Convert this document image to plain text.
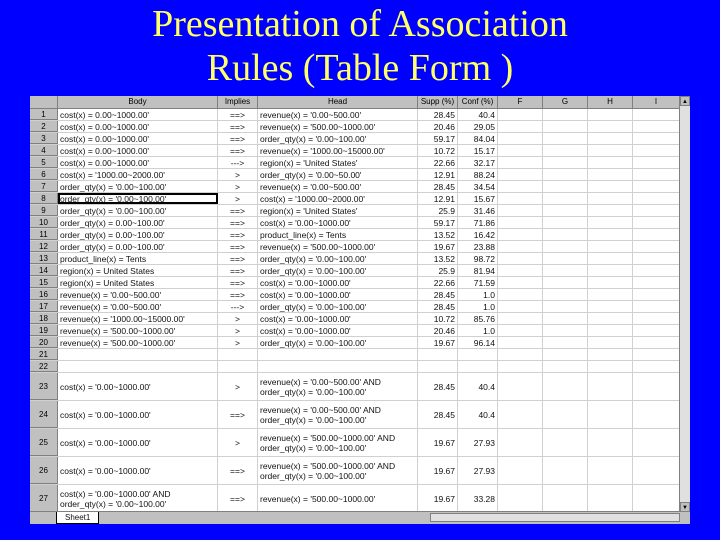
Presentation of Association
Rules (Table Form )
Body	Implies	Head	Supp (%) Conf (%)	F	G	H	I
1	cost(x) = 0.00~1000.00'	==>	revenue(x) = '0.00~500.00'	28.45	40.4
2	cost(x) = 0.00~1000.00'	==>	revenue(x) = '500.00~1000.00'	20.46	29.05
3	cost(x) = 0.00~1000.00'	==>	order_qty(x) = '0.00~100.00'	59.17	84.04
4	cost(x) = 0.00~1000.00'	==>	revenue(x) = '1000.00~15000.00'	10.72	15.17
5	cost(x) = 0.00~1000.00'	--->	region(x) = 'United States'	22.66	32.17
6	cost(x) = '1000.00~2000.00'	>	order_qty(x) = '0.00~50.00'	12.91	88.24
7	order_qty(x) = '0.00~100.00'	>	revenue(x) = '0.00~500.00'	28.45	34.54
8	order_qty(x) = '0.00~100.00'	>	cost(x) = '1000.00~2000.00'	12.91	15.67
9	order_qty(x) = '0.00~100.00'	==>	region(x) = 'United States'	25.9	31.46
10	order_qty(x) = 0.00~100.00'	==>	cost(x) = '0.00~1000.00'	59.17	71.86
11	order_qty(x) = 0.00~100.00'	==>	product_line(x) = Tents	13.52	16.42
12	order_qty(x) = 0.00~100.00'	==>	revenue(x) = '500.00~1000.00'	19.67	23.88
13	product_line(x) = Tents	==>	order_qty(x) = '0.00~100.00'	13.52	98.72
14	region(x) = United States	==>	order_qty(x) = '0.00~100.00'	25.9	81.94
15	region(x) = United States	==>	cost(x) = '0.00~1000.00'	22.66	71.59
16	revenue(x) = '0.00~500.00'	==>	cost(x) = '0.00~1000.00'	28.45	1.0
17	revenue(x) = '0.00~500.00'	--->	order_qty(x) = '0.00~100.00'	28.45	1.0
18	revenue(x) = '1000.00~15000.00'	>	cost(x) = '0.00~1000.00'	10.72	85.76
19	revenue(x) = '500.00~1000.00'	>	cost(x) = '0.00~1000.00'	20.46	1.0
20	revenue(x) = '500.00~1000.00'	>	order_qty(x) = '0.00~100.00'	19.67	96.14
21
22
23	cost(x) = '0.00~1000.00'	>	revenue(x) = '0.00~500.00' AND
order_qty(x) = '0.00~100.00'	28.45	40.4
24	cost(x) = '0.00~1000.00'	==>	revenue(x) = '0.00~500.00' AND
order_qty(x) = '0.00~100.00'	28.45	40.4
25	cost(x) = '0.00~1000.00'	>	revenue(x) = '500.00~1000.00' AND
order_qty(x) = '0.00~100.00'	19.67	27.93
26	cost(x) = '0.00~1000.00'	==>	revenue(x) = '500.00~1000.00' AND
order_qty(x) = '0.00~100.00'	19.67	27.93
27	cost(x) = '0.00~1000.00' AND
order_qty(x) = '0.00~100.00'	==>	revenue(x) = '500.00~1000.00'	19.67	33.28
▲
▼
Sheet1
